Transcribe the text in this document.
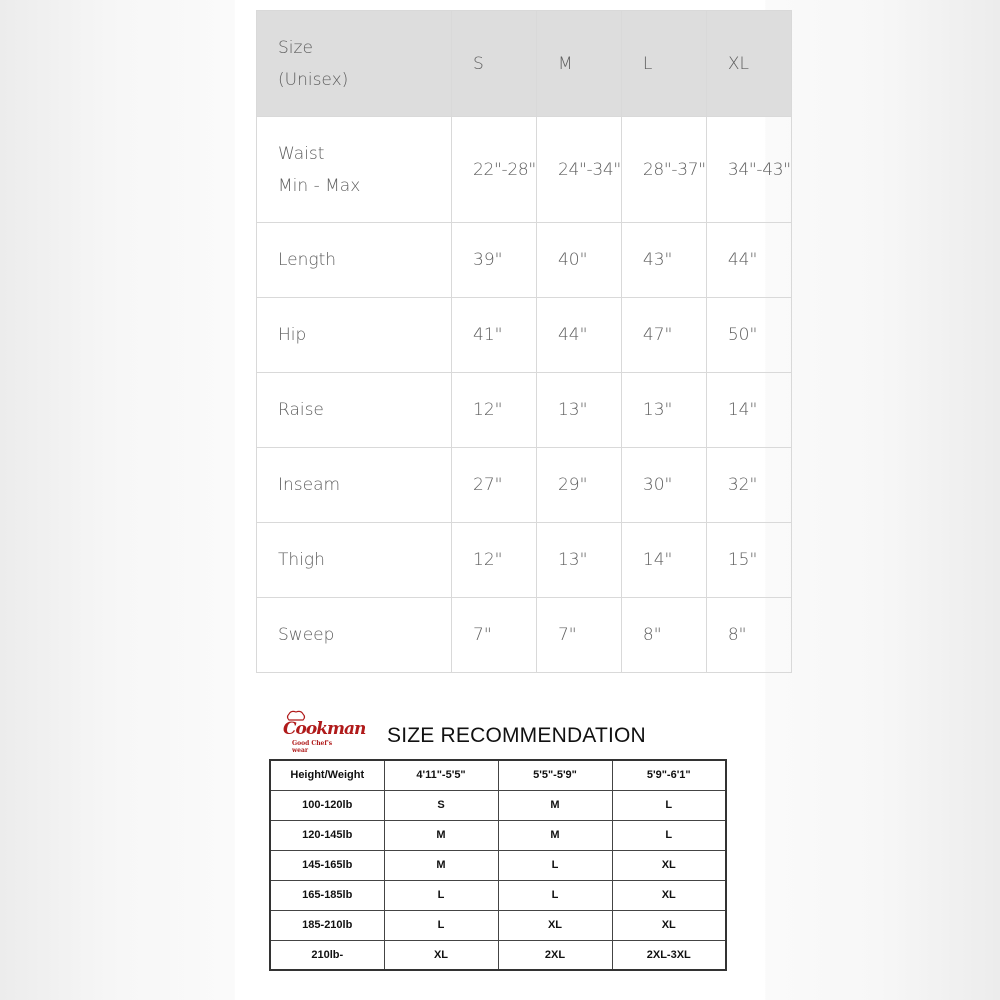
Size
(Unisex)	S	M	L	XL

Waist
Min - Max	22"-28"	24"-34"	28"-37"	34"-43"
Length	39"	40"	43"	44"
Hip	41"	44"	47"	50"
Raise	12"	13"	13"	14"
Inseam	27"	29"	30"	32"
Thigh	12"	13"	14"	15"
Sweep	7"	7"	8"	8"
Cookman
Good Chef's wear
SIZE RECOMMENDATION
Height/Weight	4'11"-5'5"	5'5"-5'9"	5'9"-6'1"
100-120lb	S	M	L
120-145lb	M	M	L
145-165lb	M	L	XL
165-185lb	L	L	XL
185-210lb	L	XL	XL
210lb-	XL	2XL	2XL-3XL
